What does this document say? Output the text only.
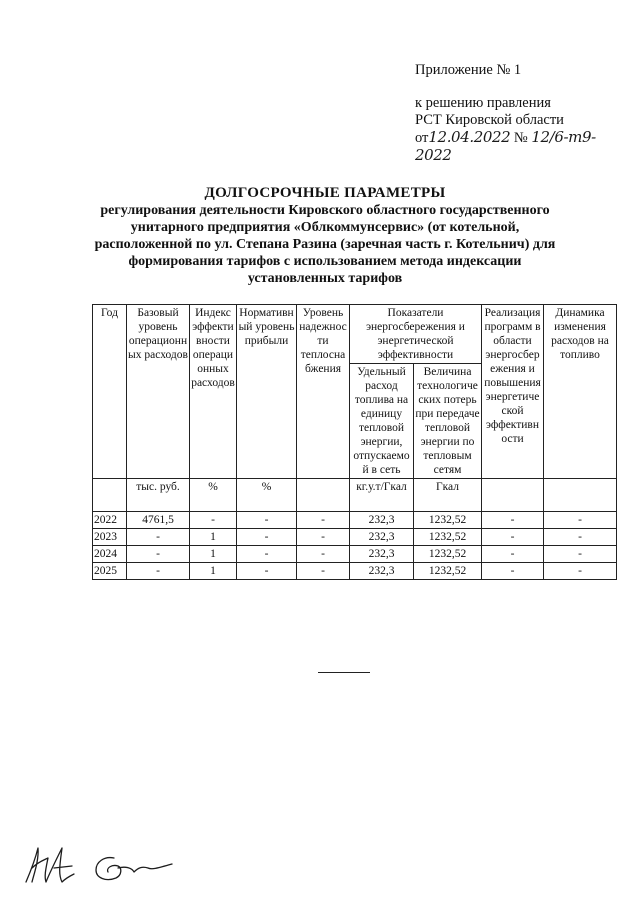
Приложение № 1
к решению правления
РСТ Кировской области
от12.04.2022 № 12/6-т9-2022
ДОЛГОСРОЧНЫЕ ПАРАМЕТРЫ
регулирования деятельности Кировского областного государственного
унитарного предприятия «Облкоммунсервис» (от котельной,
расположенной по ул. Степана Разина (заречная часть г. Котельнич) для
формирования тарифов с использованием метода индексации
установленных тарифов
Год	Базовый уровень операционных расходов	Индекс эффективности операционных расходов	Нормативный уровень прибыли	Уровень надежности теплоснабжения	Показатели энергосбережения и энергетической эффективности		Реализация программ в области энергосбережения и повышения энергетической эффективности	Динамика изменения расходов на топливо
					Удельный расход топлива на единицу тепловой энергии, отпускаемой в сеть	Величина технологических потерь при передаче тепловой энергии по тепловым сетям		
	тыс. руб.	%	%		кг.у.т/Гкал	Гкал		
2022	4761,5	-	-	-	232,3	1232,52	-	-
2023	-	1	-	-	232,3	1232,52	-	-
2024	-	1	-	-	232,3	1232,52	-	-
2025	-	1	-	-	232,3	1232,52	-	-
